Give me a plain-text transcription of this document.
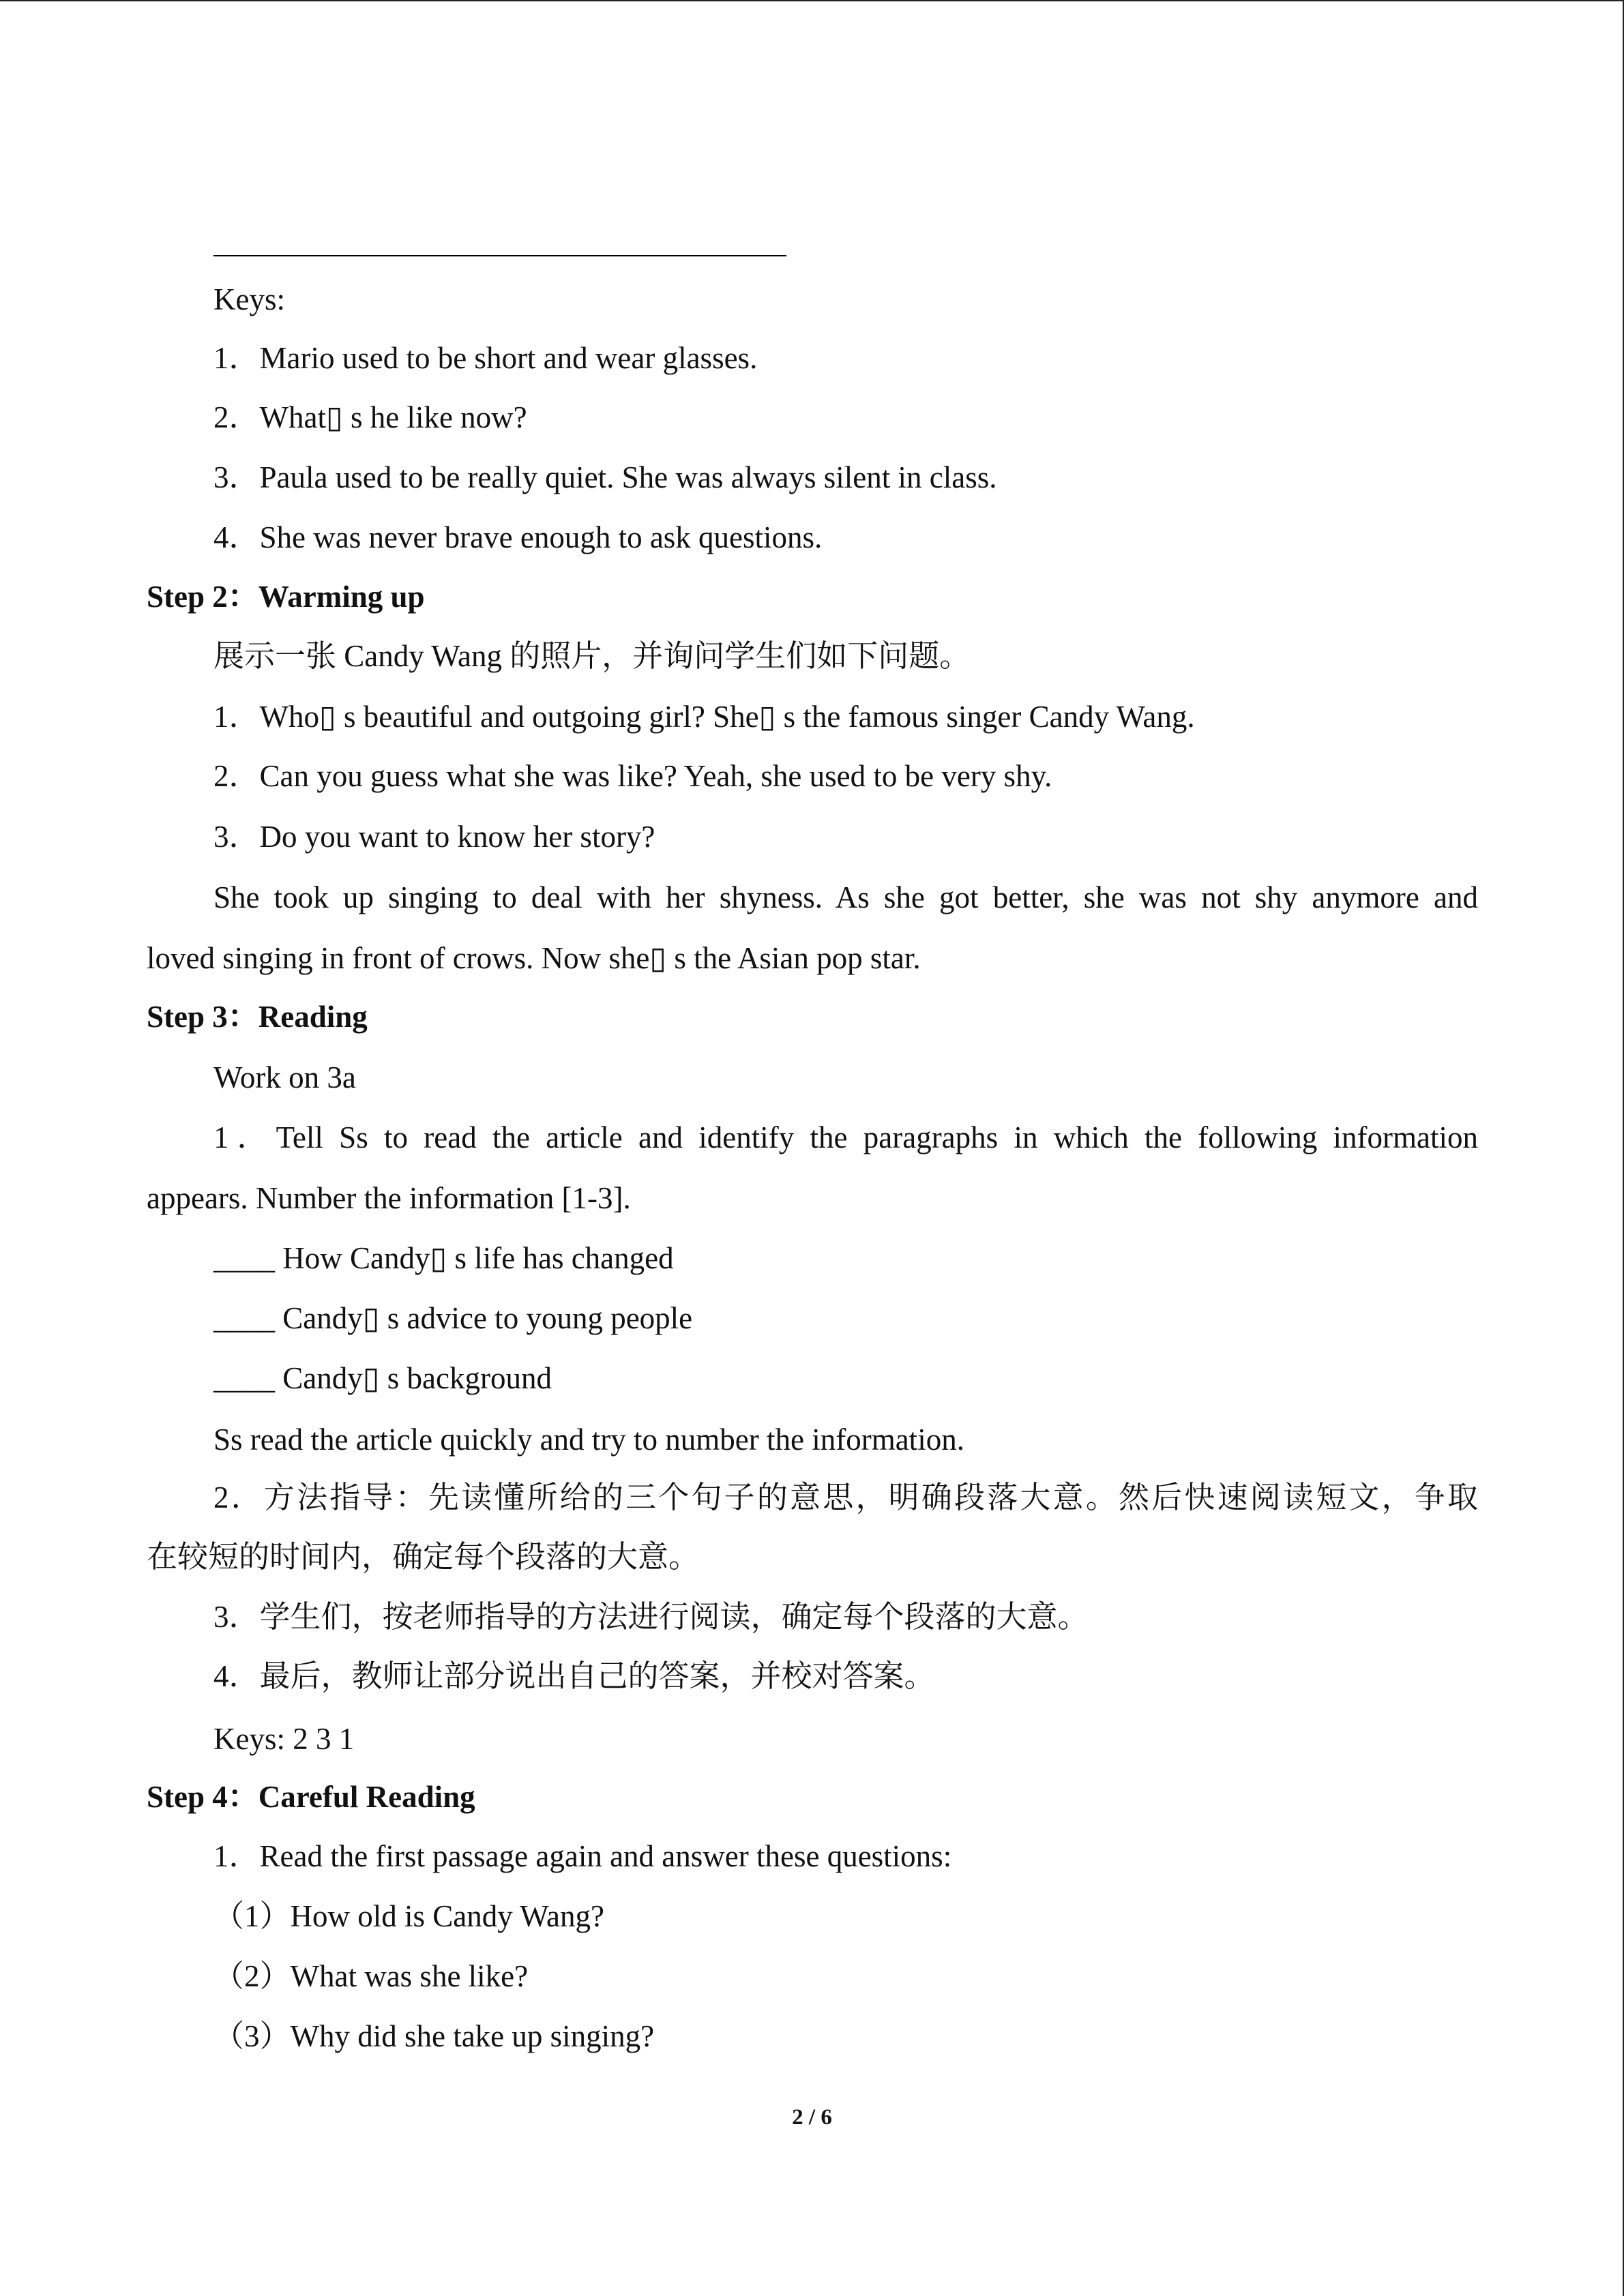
Keys:
1．Mario used to be short and wear glasses.
2．What▯ s he like now?
3．Paula used to be really quiet. She was always silent in class.
4．She was never brave enough to ask questions.
Step 2：Warming up
展示一张 Candy Wang 的照片，并询问学生们如下问题。
1．Who▯ s beautiful and outgoing girl? She▯ s the famous singer Candy Wang.
2．Can you guess what she was like? Yeah, she used to be very shy.
3．Do you want to know her story?
She took up singing to deal with her shyness. As she got better, she was not shy anymore and
loved singing in front of crows. Now she▯ s the Asian pop star.
Step 3：Reading
Work on 3a
1．Tell Ss to read the article and identify the paragraphs in which the following information
appears. Number the information [1-3].
____ How Candy▯ s life has changed
____ Candy▯ s advice to young people
____ Candy▯ s background
Ss read the article quickly and try to number the information.
2．方法指导：先读懂所给的三个句子的意思，明确段落大意。然后快速阅读短文，争取
在较短的时间内，确定每个段落的大意。
3．学生们，按老师指导的方法进行阅读，确定每个段落的大意。
4．最后，教师让部分说出自己的答案，并校对答案。
Keys: 2 3 1
Step 4：Careful Reading
1．Read the first passage again and answer these questions:
（1）How old is Candy Wang?
（2）What was she like?
（3）Why did she take up singing?
2 / 6
